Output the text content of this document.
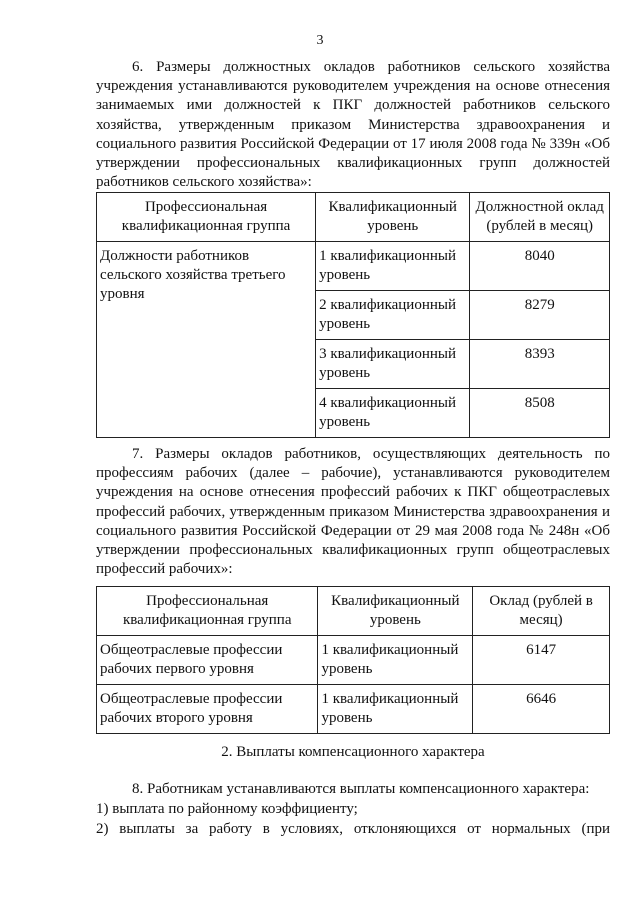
3

6. Размеры должностных окладов работников сельского хозяйства учреждения устанавливаются руководителем учреждения на основе отнесения занимаемых ими должностей к ПКГ должностей работников сельского хозяйства, утвержденным приказом Министерства здравоохранения и социального развития Российской Федерации от 17 июля 2008 года № 339н «Об утверждении профессиональных квалификационных групп должностей работников сельского хозяйства»:

Профессиональная квалификационная группа	Квалификационный уровень	Должностной оклад (рублей в месяц)
Должности работников сельского хозяйства третьего уровня	1 квалификационный уровень	8040
	2 квалификационный уровень	8279
	3 квалификационный уровень	8393
	4 квалификационный уровень	8508

7. Размеры окладов работников, осуществляющих деятельность по профессиям рабочих (далее – рабочие), устанавливаются руководителем учреждения на основе отнесения профессий рабочих к ПКГ общеотраслевых профессий рабочих, утвержденным приказом Министерства здравоохранения и социального развития Российской Федерации от 29 мая 2008 года № 248н «Об утверждении профессиональных квалификационных групп общеотраслевых профессий рабочих»:

Профессиональная квалификационная группа	Квалификационный уровень	Оклад (рублей в месяц)
Общеотраслевые профессии рабочих первого уровня	1 квалификационный уровень	6147
Общеотраслевые профессии рабочих второго уровня	1 квалификационный уровень	6646
2. Выплаты компенсационного характера
8. Работникам устанавливаются выплаты компенсационного характера:
1) выплата по районному коэффициенту;
2) выплаты за работу в условиях, отклоняющихся от нормальных (при
